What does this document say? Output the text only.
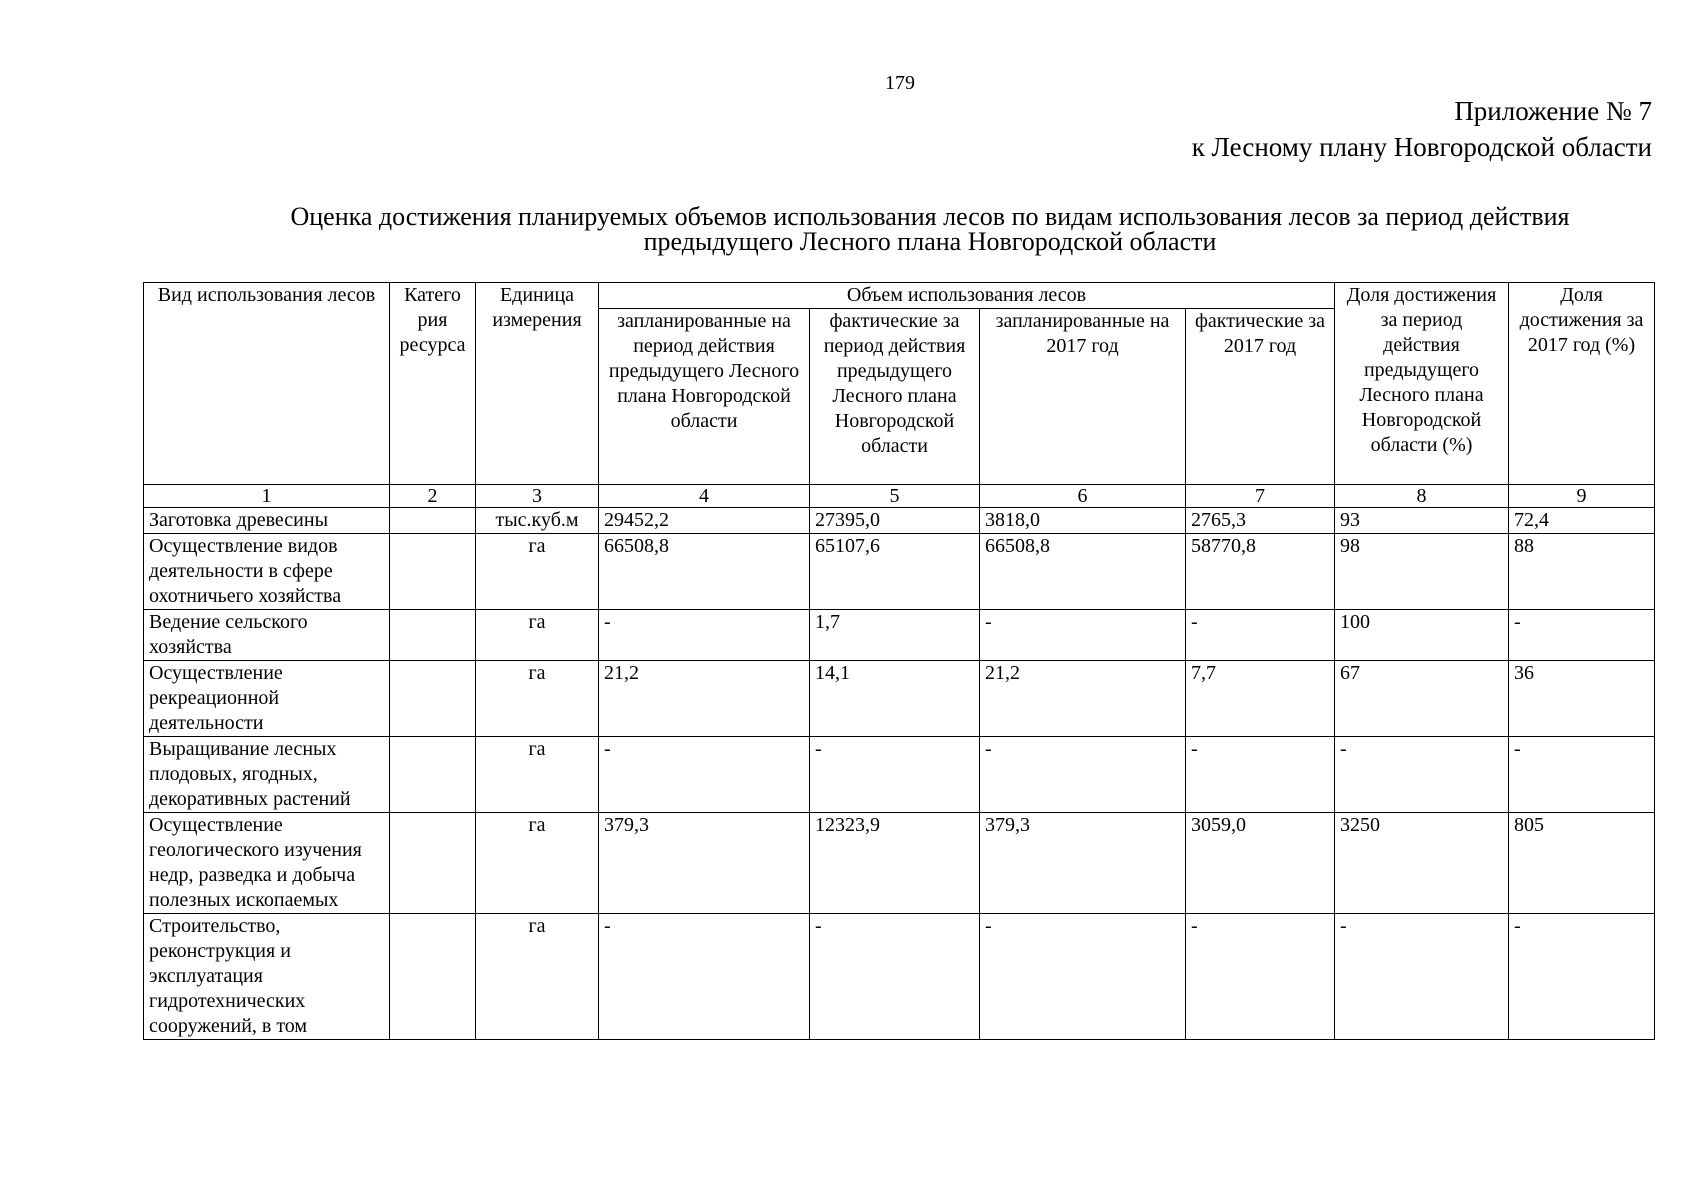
179
Приложение № 7
к Лесному плану Новгородской области
Оценка достижения планируемых объемов использования лесов по видам использования лесов за период действия
предыдущего Лесного плана Новгородской области
Вид использования лесов	Катего рия ресурса	Единица измерения	Объем использования лесов				Доля достижения за период действия предыдущего Лесного плана Новгородской области (%)	Доля достижения за 2017 год (%)
			запланированные на период действия предыдущего Лесного плана Новгородской области	фактические за период действия предыдущего Лесного плана Новгородской области	запланированные на 2017 год	фактические за 2017 год		
1	2	3	4	5	6	7	8	9
Заготовка древесины		тыс.куб.м	29452,2	27395,0	3818,0	2765,3	93	72,4
Осуществление видов деятельности в сфере охотничьего хозяйства		га	66508,8	65107,6	66508,8	58770,8	98	88
Ведение сельского хозяйства		га	-	1,7	-	-	100	-
Осуществление рекреационной деятельности		га	21,2	14,1	21,2	7,7	67	36
Выращивание лесных плодовых, ягодных, декоративных растений		га	-	-	-	-	-	-
Осуществление геологического изучения недр, разведка и добыча полезных ископаемых		га	379,3	12323,9	379,3	3059,0	3250	805
Строительство, реконструкция и эксплуатация гидротехнических сооружений, в том		га	-	-	-	-	-	-
